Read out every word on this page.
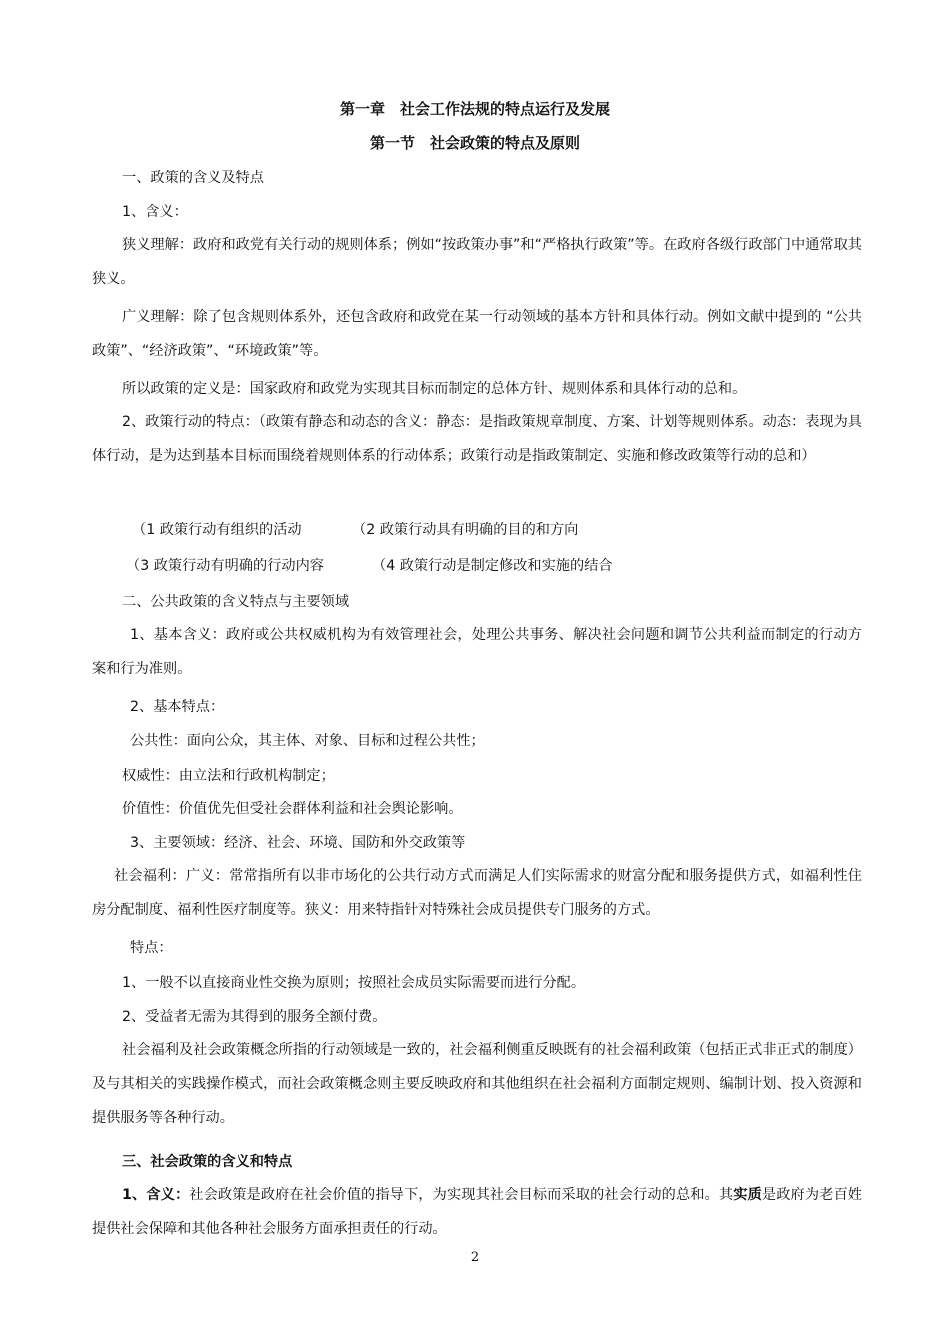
第一章　社会工作法规的特点运行及发展
第一节　社会政策的特点及原则
一、政策的含义及特点
1、含义：
狭义理解：政府和政党有关行动的规则体系；例如“按政策办事”和“严格执行政策”等。在政府各级行政部门中通常取其狭义。
广义理解：除了包含规则体系外，还包含政府和政党在某一行动领域的基本方针和具体行动。例如文献中提到的 “公共政策”、“经济政策”、“环境政策”等。
所以政策的定义是：国家政府和政党为实现其目标而制定的总体方针、规则体系和具体行动的总和。
2、政策行动的特点：（政策有静态和动态的含义：静态：是指政策规章制度、方案、计划等规则体系。动态：表现为具体行动，是为达到基本目标而围绕着规则体系的行动体系；政策行动是指政策制定、实施和修改政策等行动的总和）
（1 政策行动有组织的活动	（2 政策行动具有明确的目的和方向
（3 政策行动有明确的行动内容	（4 政策行动是制定修改和实施的结合
二、公共政策的含义特点与主要领域
1、基本含义：政府或公共权威机构为有效管理社会，处理公共事务、解决社会问题和调节公共利益而制定的行动方案和行为准则。
2、基本特点：
公共性：面向公众，其主体、对象、目标和过程公共性；
权威性：由立法和行政机构制定；
价值性：价值优先但受社会群体利益和社会舆论影响。
3、主要领域：经济、社会、环境、国防和外交政策等
社会福利：广义：常常指所有以非市场化的公共行动方式而满足人们实际需求的财富分配和服务提供方式，如福利性住房分配制度、福利性医疗制度等。狭义：用来特指针对特殊社会成员提供专门服务的方式。
特点：
1、一般不以直接商业性交换为原则；按照社会成员实际需要而进行分配。
2、受益者无需为其得到的服务全额付费。
社会福利及社会政策概念所指的行动领域是一致的，社会福利侧重反映既有的社会福利政策（包括正式非正式的制度）及与其相关的实践操作模式，而社会政策概念则主要反映政府和其他组织在社会福利方面制定规则、编制计划、投入资源和提供服务等各种行动。
三、社会政策的含义和特点
1、含义：社会政策是政府在社会价值的指导下，为实现其社会目标而采取的社会行动的总和。其实质是政府为老百姓提供社会保障和其他各种社会服务方面承担责任的行动。
2
